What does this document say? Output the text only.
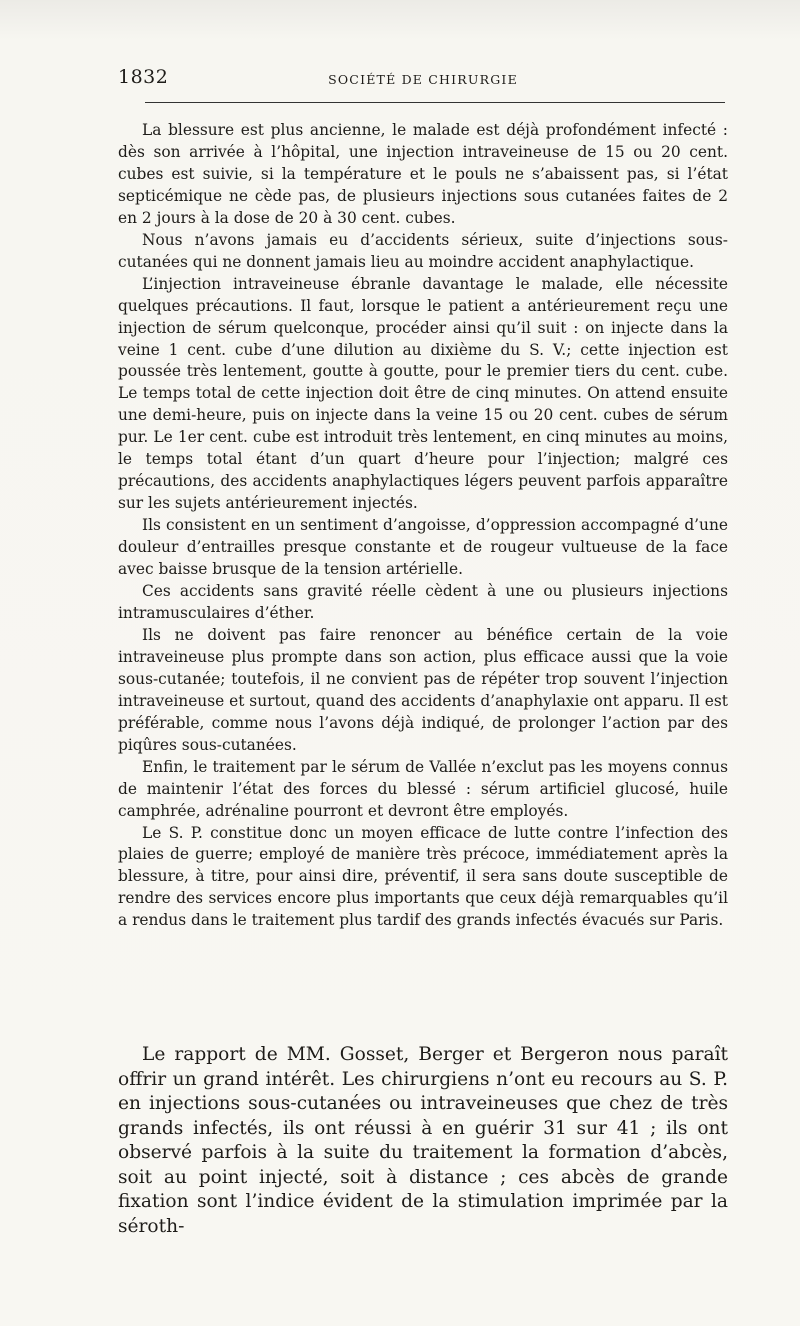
1832	SOCIÉTÉ DE CHIRURGIE

La blessure est plus ancienne, le malade est déjà profondément infecté : dès son arrivée à l’hôpital, une injection intraveineuse de 15 ou 20 cent. cubes est suivie, si la température et le pouls ne s’abaissent pas, si l’état septicémique ne cède pas, de plusieurs injections sous cutanées faites de 2 en 2 jours à la dose de 20 à 30 cent. cubes.

Nous n’avons jamais eu d’accidents sérieux, suite d’injections sous-cutanées qui ne donnent jamais lieu au moindre accident anaphylactique.

L’injection intraveineuse ébranle davantage le malade, elle nécessite quelques précautions. Il faut, lorsque le patient a antérieurement reçu une injection de sérum quelconque, procéder ainsi qu’il suit : on injecte dans la veine 1 cent. cube d’une dilution au dixième du S. V.; cette injection est poussée très lentement, goutte à goutte, pour le premier tiers du cent. cube. Le temps total de cette injection doit être de cinq minutes. On attend ensuite une demi-heure, puis on injecte dans la veine 15 ou 20 cent. cubes de sérum pur. Le 1er cent. cube est introduit très lentement, en cinq minutes au moins, le temps total étant d’un quart d’heure pour l’injection; malgré ces précautions, des accidents anaphylactiques légers peuvent parfois apparaître sur les sujets antérieurement injectés.

Ils consistent en un sentiment d’angoisse, d’oppression accompagné d’une douleur d’entrailles presque constante et de rougeur vultueuse de la face avec baisse brusque de la tension artérielle.

Ces accidents sans gravité réelle cèdent à une ou plusieurs injections intramusculaires d’éther.

Ils ne doivent pas faire renoncer au bénéfice certain de la voie intraveineuse plus prompte dans son action, plus efficace aussi que la voie sous-cutanée; toutefois, il ne convient pas de répéter trop souvent l’injection intraveineuse et surtout, quand des accidents d’anaphylaxie ont apparu. Il est préférable, comme nous l’avons déjà indiqué, de prolonger l’action par des piqûres sous-cutanées.

Enfin, le traitement par le sérum de Vallée n’exclut pas les moyens connus de maintenir l’état des forces du blessé : sérum artificiel glucosé, huile camphrée, adrénaline pourront et devront être employés.

Le S. P. constitue donc un moyen efficace de lutte contre l’infection des plaies de guerre; employé de manière très précoce, immédiatement après la blessure, à titre, pour ainsi dire, préventif, il sera sans doute susceptible de rendre des services encore plus importants que ceux déjà remarquables qu’il a rendus dans le traitement plus tardif des grands infectés évacués sur Paris.

Le rapport de MM. Gosset, Berger et Bergeron nous paraît offrir un grand intérêt. Les chirurgiens n’ont eu recours au S. P. en injections sous-cutanées ou intraveineuses que chez de très grands infectés, ils ont réussi à en guérir 31 sur 41 ; ils ont observé parfois à la suite du traitement la formation d’abcès, soit au point injecté, soit à distance ; ces abcès de grande fixation sont l’indice évident de la stimulation imprimée par la séroth-
